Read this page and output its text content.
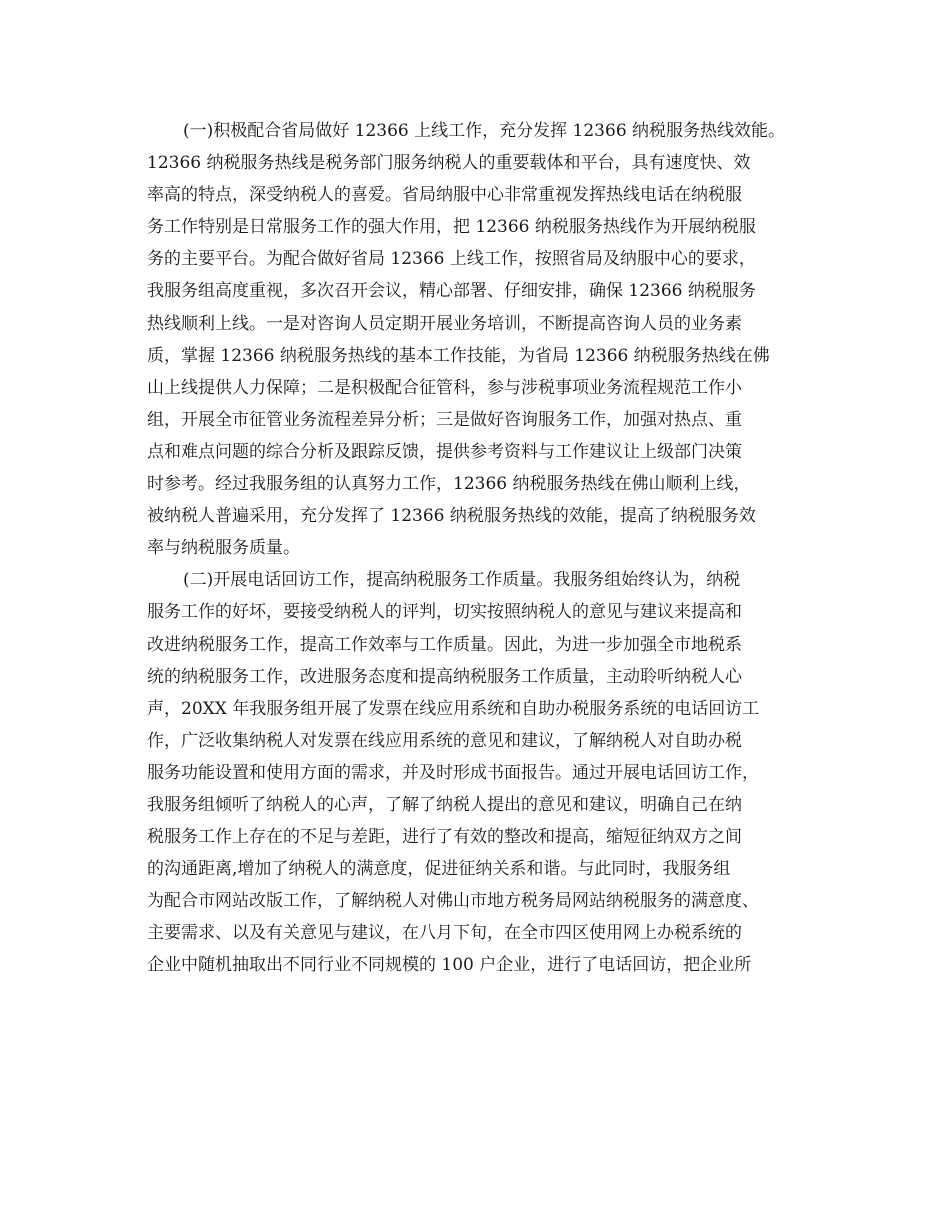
(一)积极配合省局做好 12366 上线工作，充分发挥 12366 纳税服务热线效能。
12366 纳税服务热线是税务部门服务纳税人的重要载体和平台，具有速度快、效
率高的特点，深受纳税人的喜爱。省局纳服中心非常重视发挥热线电话在纳税服
务工作特别是日常服务工作的强大作用，把 12366 纳税服务热线作为开展纳税服
务的主要平台。为配合做好省局 12366 上线工作，按照省局及纳服中心的要求，
我服务组高度重视，多次召开会议，精心部署、仔细安排，确保 12366 纳税服务
热线顺利上线。一是对咨询人员定期开展业务培训，不断提高咨询人员的业务素
质，掌握 12366 纳税服务热线的基本工作技能，为省局 12366 纳税服务热线在佛
山上线提供人力保障；二是积极配合征管科，参与涉税事项业务流程规范工作小
组，开展全市征管业务流程差异分析；三是做好咨询服务工作，加强对热点、重
点和难点问题的综合分析及跟踪反馈，提供参考资料与工作建议让上级部门决策
时参考。经过我服务组的认真努力工作，12366 纳税服务热线在佛山顺利上线，
被纳税人普遍采用，充分发挥了 12366 纳税服务热线的效能，提高了纳税服务效
率与纳税服务质量。
(二)开展电话回访工作，提高纳税服务工作质量。我服务组始终认为，纳税
服务工作的好坏，要接受纳税人的评判，切实按照纳税人的意见与建议来提高和
改进纳税服务工作，提高工作效率与工作质量。因此，为进一步加强全市地税系
统的纳税服务工作，改进服务态度和提高纳税服务工作质量，主动聆听纳税人心
声，20XX 年我服务组开展了发票在线应用系统和自助办税服务系统的电话回访工
作，广泛收集纳税人对发票在线应用系统的意见和建议，了解纳税人对自助办税
服务功能设置和使用方面的需求，并及时形成书面报告。通过开展电话回访工作，
我服务组倾听了纳税人的心声，了解了纳税人提出的意见和建议，明确自己在纳
税服务工作上存在的不足与差距，进行了有效的整改和提高，缩短征纳双方之间
的沟通距离,增加了纳税人的满意度，促进征纳关系和谐。与此同时，我服务组
为配合市网站改版工作，了解纳税人对佛山市地方税务局网站纳税服务的满意度、
主要需求、以及有关意见与建议，在八月下旬，在全市四区使用网上办税系统的
企业中随机抽取出不同行业不同规模的 100 户企业，进行了电话回访，把企业所
